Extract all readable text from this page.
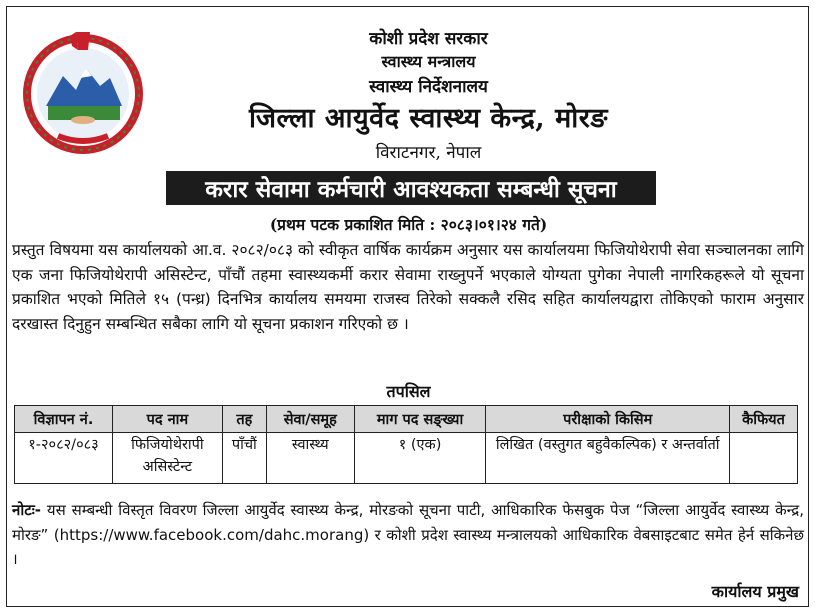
कोशी प्रदेश सरकार
स्वास्थ्य मन्त्रालय
स्वास्थ्य निर्देशनालय
जिल्ला आयुर्वेद स्वास्थ्य केन्द्र, मोरङ
विराटनगर, नेपाल
करार सेवामा कर्मचारी आवश्यकता सम्बन्धी सूचना
(प्रथम पटक प्रकाशित मिति : २०८३।०१।२४ गते)
प्रस्तुत विषयमा यस कार्यालयको आ.व. २०८२/०८३ को स्वीकृत वार्षिक कार्यक्रम अनुसार यस कार्यालयमा फिजियोथेरापी सेवा सञ्चालनका लागि एक जना फिजियोथेरापी असिस्टेन्ट, पाँचौं तहमा स्वास्थ्यकर्मी करार सेवामा राख्नुपर्ने भएकाले योग्यता पुगेका नेपाली नागरिकहरूले यो सूचना प्रकाशित भएको मितिले १५ (पन्ध्र) दिनभित्र कार्यालय समयमा राजस्व तिरेको सक्कलै रसिद सहित कार्यालयद्वारा तोकिएको फाराम अनुसार दरखास्त दिनुहुन सम्बन्धित सबैका लागि यो सूचना प्रकाशन गरिएको छ ।
तपसिल
विज्ञापन नं.	पद नाम	तह	सेवा/समूह	माग पद सङ्ख्या	परीक्षाको किसिम	कैफियत
१-२०८२/०८३	फिजियोथेरापी असिस्टेन्ट	पाँचौं	स्वास्थ्य	१ (एक)	लिखित (वस्तुगत बहुवैकल्पिक) र अन्तर्वार्ता	
नोटः- यस सम्बन्धी विस्तृत विवरण जिल्ला आयुर्वेद स्वास्थ्य केन्द्र, मोरङको सूचना पाटी, आधिकारिक फेसबुक पेज “जिल्ला आयुर्वेद स्वास्थ्य केन्द्र, मोरङ” (https://www.facebook.com/dahc.morang) र कोशी प्रदेश स्वास्थ्य मन्त्रालयको आधिकारिक वेबसाइटबाट समेत हेर्न सकिनेछ ।
कार्यालय प्रमुख
